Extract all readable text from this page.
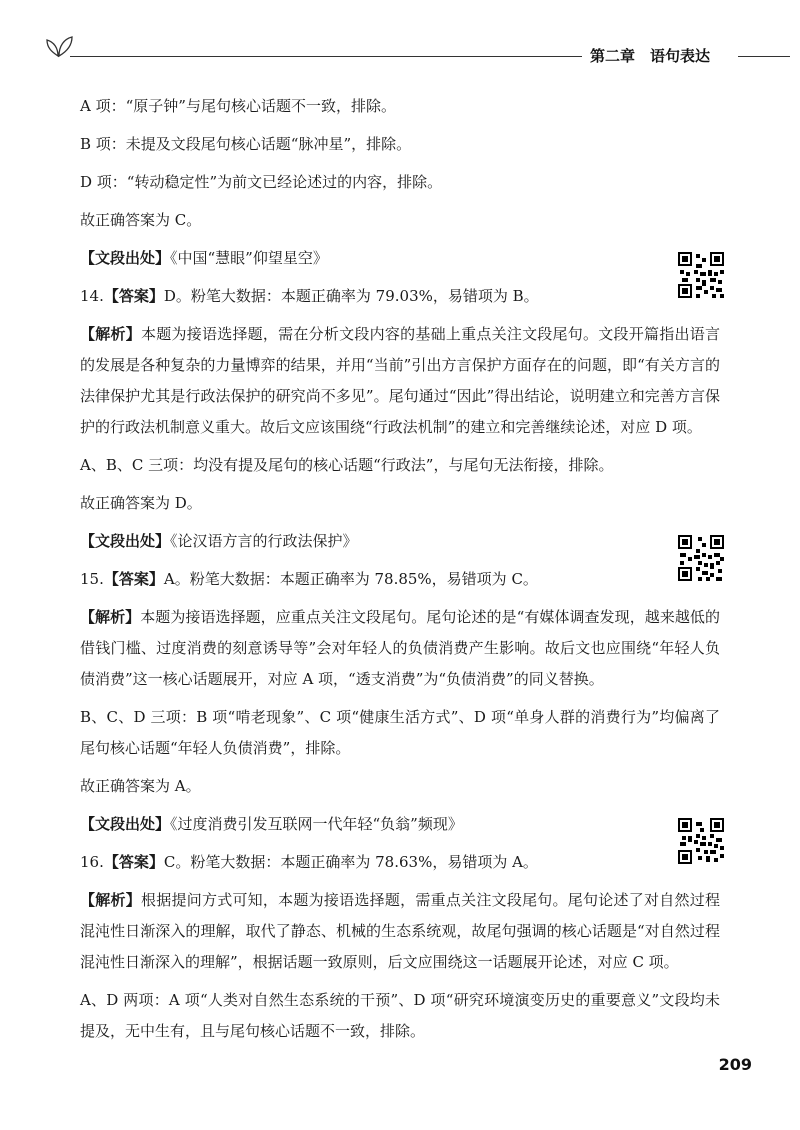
第二章　语句表达

A 项：“原子钟”与尾句核心话题不一致，排除。

B 项：未提及文段尾句核心话题“脉冲星”，排除。

D 项：“转动稳定性”为前文已经论述过的内容，排除。

故正确答案为 C。

【文段出处】《中国“慧眼”仰望星空》

14.【答案】D。粉笔大数据：本题正确率为 79.03%，易错项为 B。

【解析】本题为接语选择题，需在分析文段内容的基础上重点关注文段尾句。文段开篇指出语言的发展是各种复杂的力量博弈的结果，并用“当前”引出方言保护方面存在的问题，即“有关方言的法律保护尤其是行政法保护的研究尚不多见”。尾句通过“因此”得出结论，说明建立和完善方言保护的行政法机制意义重大。故后文应该围绕“行政法机制”的建立和完善继续论述，对应 D 项。

A、B、C 三项：均没有提及尾句的核心话题“行政法”，与尾句无法衔接，排除。

故正确答案为 D。

【文段出处】《论汉语方言的行政法保护》

15.【答案】A。粉笔大数据：本题正确率为 78.85%，易错项为 C。

【解析】本题为接语选择题，应重点关注文段尾句。尾句论述的是“有媒体调查发现，越来越低的借钱门槛、过度消费的刻意诱导等”会对年轻人的负债消费产生影响。故后文也应围绕“年轻人负债消费”这一核心话题展开，对应 A 项，“透支消费”为“负债消费”的同义替换。

B、C、D 三项：B 项“啃老现象”、C 项“健康生活方式”、D 项“单身人群的消费行为”均偏离了尾句核心话题“年轻人负债消费”，排除。

故正确答案为 A。

【文段出处】《过度消费引发互联网一代年轻“负翁”频现》

16.【答案】C。粉笔大数据：本题正确率为 78.63%，易错项为 A。

【解析】根据提问方式可知，本题为接语选择题，需重点关注文段尾句。尾句论述了对自然过程混沌性日渐深入的理解，取代了静态、机械的生态系统观，故尾句强调的核心话题是“对自然过程混沌性日渐深入的理解”，根据话题一致原则，后文应围绕这一话题展开论述，对应 C 项。

A、D 两项：A 项“人类对自然生态系统的干预”、D 项“研究环境演变历史的重要意义”文段均未提及，无中生有，且与尾句核心话题不一致，排除。

209
